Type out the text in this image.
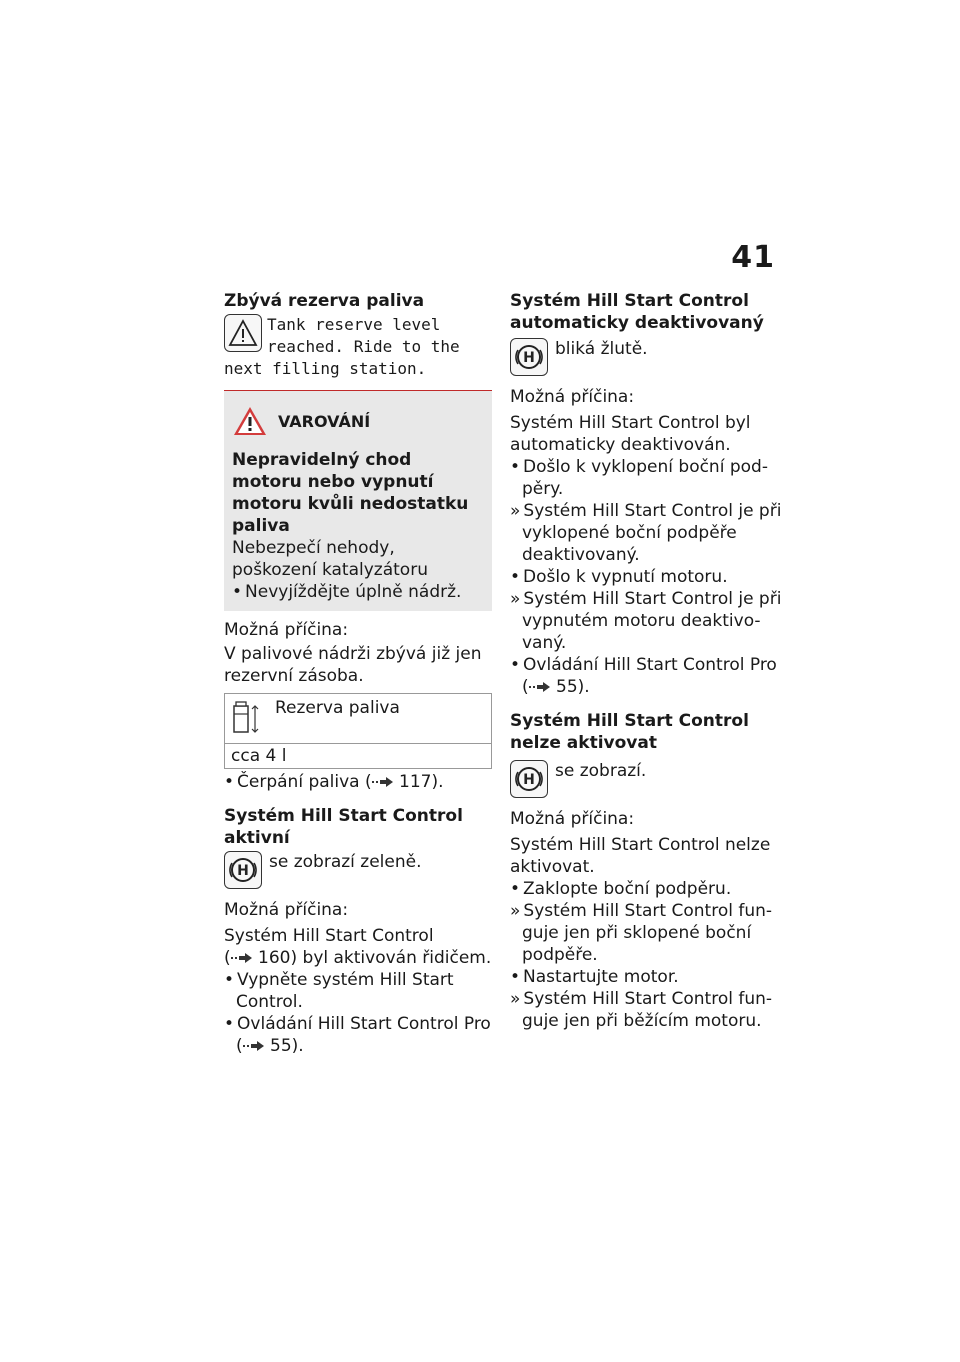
41

Zbývá rezerva paliva

Tank reserve level

reached. Ride to the

next filling station.

VAROVÁNÍ

Nepravidelný chod motoru nebo vypnutí motoru kvůli nedostatku paliva

Nebezpečí nehody, poškození katalyzátoru

• Nevyjíždějte úplně nádrž.

Možná příčina:

V palivové nádrži zbývá již jen rezervní zásoba.

Rezerva paliva
cca 4 l

• Čerpání paliva ( 117).

Systém Hill Start Control aktivní

H se zobrazí zeleně.

Možná příčina:

Systém Hill Start Control

( 160) byl aktivován řidičem.

• Vypněte systém Hill Start Control.

• Ovládání Hill Start Control Pro
( 55).

Systém Hill Start Control automaticky deaktivovaný

H bliká žlutě.

Možná příčina:

Systém Hill Start Control byl automaticky deaktivován.

• Došlo k vyklopení boční pod-pěry.

» Systém Hill Start Control je při vyklopené boční podpěře deaktivovaný.

• Došlo k vypnutí motoru.

» Systém Hill Start Control je při vypnutém motoru deaktivo-vaný.

• Ovládání Hill Start Control Pro
( 55).

Systém Hill Start Control nelze aktivovat

H se zobrazí.

Možná příčina:

Systém Hill Start Control nelze aktivovat.

• Zaklopte boční podpěru.

» Systém Hill Start Control fun-guje jen při sklopené boční podpěře.

• Nastartujte motor.

» Systém Hill Start Control fun-guje jen při běžícím motoru.
